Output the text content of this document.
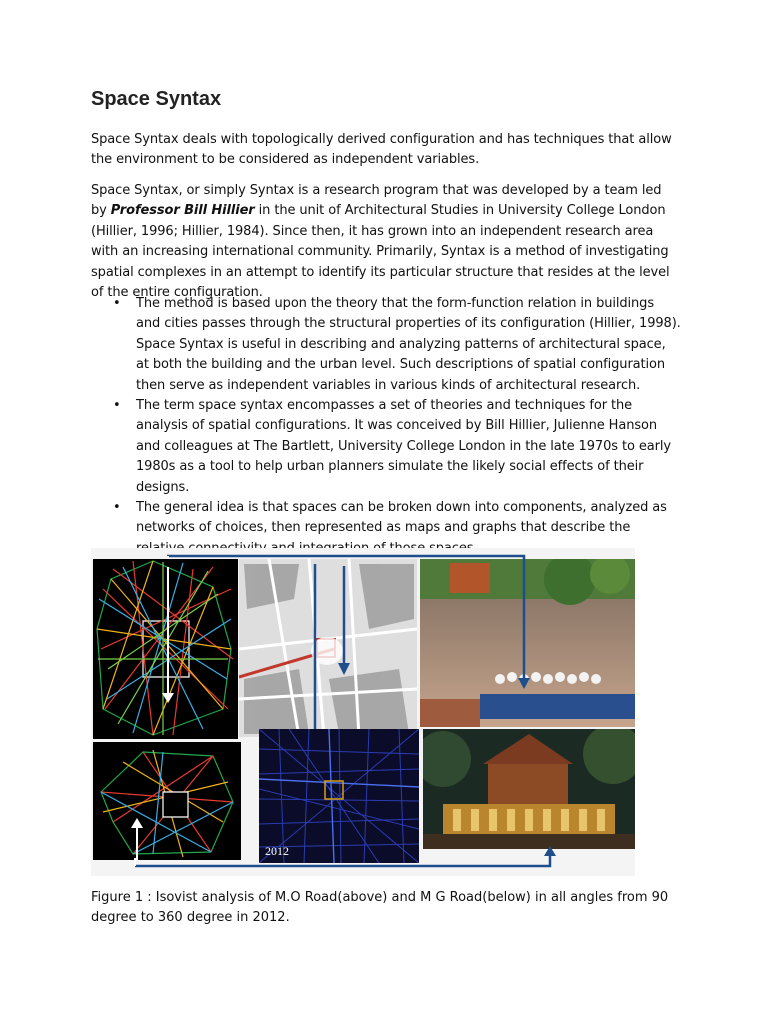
Space Syntax

Space Syntax deals with topologically derived configuration and has techniques that allow the environment to be considered as independent variables.

Space Syntax, or simply Syntax is a research program that was developed by a team led by Professor Bill Hillier in the unit of Architectural Studies in University College London (Hillier, 1996; Hillier, 1984). Since then, it has grown into an independent research area with an increasing international community. Primarily, Syntax is a method of investigating spatial complexes in an attempt to identify its particular structure that resides at the level of the entire configuration.

• The method is based upon the theory that the form-function relation in buildings and cities passes through the structural properties of its configuration (Hillier, 1998). Space Syntax is useful in describing and analyzing patterns of architectural space, at both the building and the urban level. Such descriptions of spatial configuration then serve as independent variables in various kinds of architectural research.
• The term space syntax encompasses a set of theories and techniques for the analysis of spatial configurations. It was conceived by Bill Hillier, Julienne Hanson and colleagues at The Bartlett, University College London in the late 1970s to early 1980s as a tool to help urban planners simulate the likely social effects of their designs.
• The general idea is that spaces can be broken down into components, analyzed as networks of choices, then represented as maps and graphs that describe the
2012

Figure 1 : Isovist analysis of M.O Road(above) and M G Road(below) in all angles from 90 degree to 360 degree in 2012.
